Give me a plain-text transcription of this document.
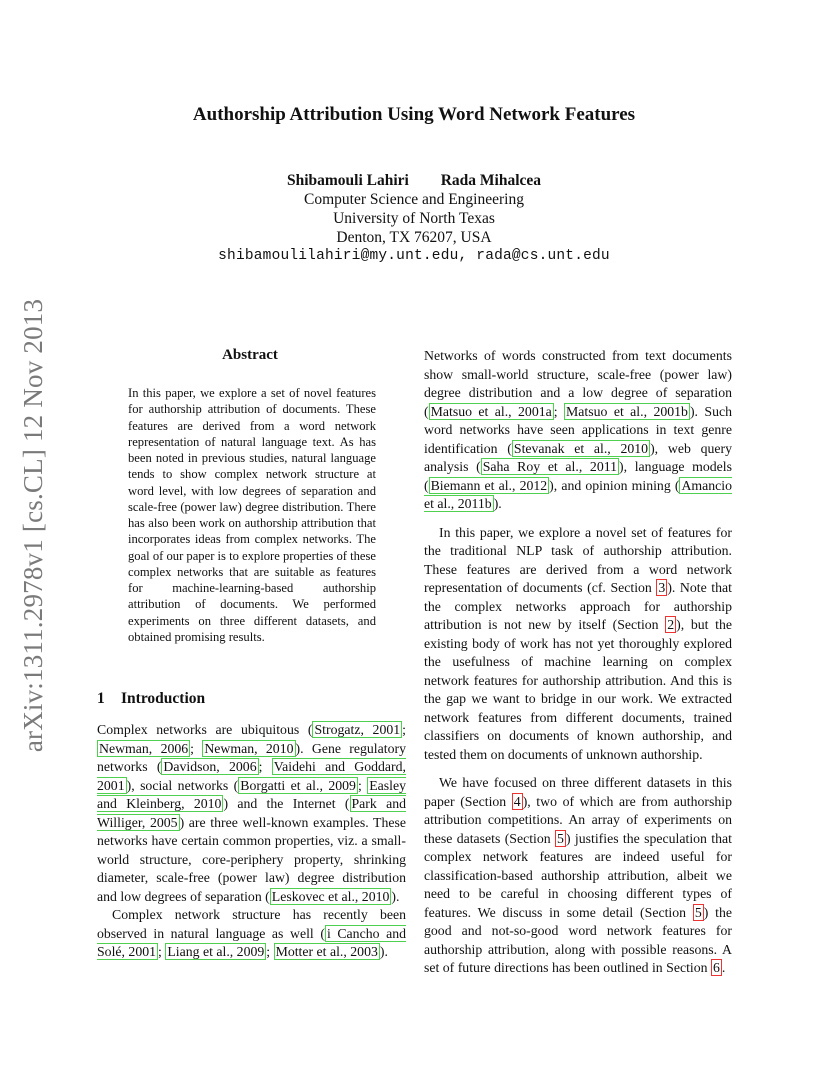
arXiv:1311.2978v1 [cs.CL] 12 Nov 2013
Authorship Attribution Using Word Network Features
Shibamouli Lahiri Rada Mihalcea
Computer Science and Engineering
University of North Texas
Denton, TX 76207, USA
shibamoulilahiri@my.unt.edu, rada@cs.unt.edu
Abstract
In this paper, we explore a set of novel features for authorship attribution of documents. These features are derived from a word network representation of natural language text. As has been noted in previous studies, natural language tends to show complex network structure at word level, with low degrees of separation and scale-free (power law) degree distribution. There has also been work on authorship attribution that incorporates ideas from complex networks. The goal of our paper is to explore properties of these complex networks that are suitable as features for machine-learning-based authorship attribution of documents. We performed experiments on three different datasets, and obtained promising results.
1 Introduction

Complex networks are ubiquitous ( Strogatz, 2001 ; Newman, 2006 ; Newman, 2010 ). Gene regulatory networks ( Davidson, 2006 ; Vaidehi and Goddard, 2001 ), social networks ( Borgatti et al., 2009 ; Easley and Kleinberg, 2010 ) and the Internet ( Park and Williger, 2005 ) are three well-known examples. These networks have certain common properties, viz. a small-world structure, core-periphery property, shrinking diameter, scale-free (power law) degree distribution and low degrees of separation ( Leskovec et al., 2010 ).

Complex network structure has recently been observed in natural language as well ( i Cancho and Solé, 2001 ; Liang et al., 2009 ; Motter et al., 2003 ).

Networks of words constructed from text documents show small-world structure, scale-free (power law) degree distribution and a low degree of separation ( Matsuo et al., 2001a ; Matsuo et al., 2001b ). Such word networks have seen applications in text genre identification ( Stevanak et al., 2010 ), web query analysis ( Saha Roy et al., 2011 ), language models ( Biemann et al., 2012 ), and opinion mining ( Amancio et al., 2011b ).

In this paper, we explore a novel set of features for the traditional NLP task of authorship attribution. These features are derived from a word network representation of documents (cf. Section 3 ). Note that the complex networks approach for authorship attribution is not new by itself (Section 2 ), but the existing body of work has not yet thoroughly explored the usefulness of machine learning on complex network features for authorship attribution. And this is the gap we want to bridge in our work. We extracted network features from different documents, trained classifiers on documents of known authorship, and tested them on documents of unknown authorship.

We have focused on three different datasets in this paper (Section 4 ), two of which are from authorship attribution competitions. An array of experiments on these datasets (Section 5 ) justifies the speculation that complex network features are indeed useful for classification-based authorship attribution, albeit we need to be careful in choosing different types of features. We discuss in some detail (Section 5 ) the good and not-so-good word network features for authorship attribution, along with possible reasons. A set of future directions has been outlined in Section 6 .
